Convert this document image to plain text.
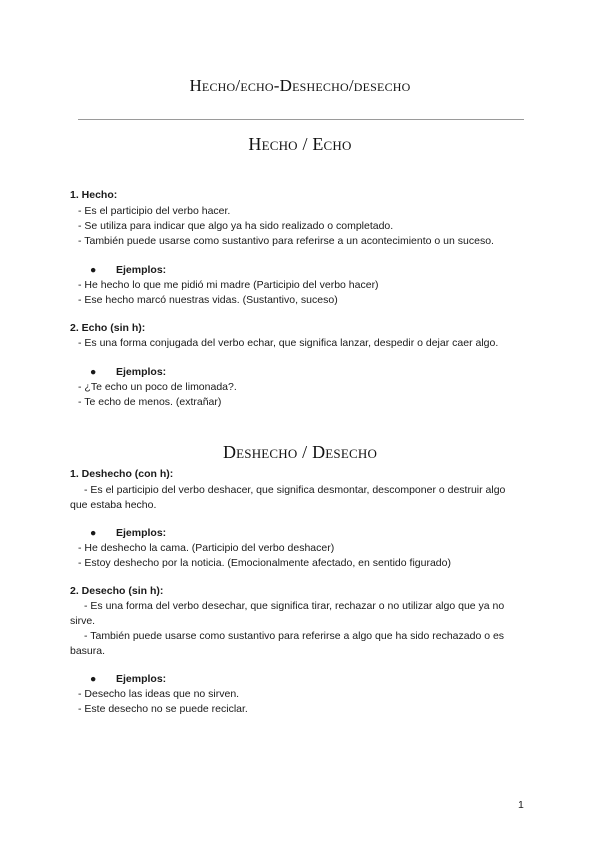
Hecho/echo-Deshecho/desecho
Hecho / Echo
1. Hecho:
- Es el participio del verbo hacer.
- Se utiliza para indicar que algo ya ha sido realizado o completado.
- También puede usarse como sustantivo para referirse a un acontecimiento o un suceso.
● Ejemplos:
- He hecho lo que me pidió mi madre (Participio del verbo hacer)
- Ese hecho marcó nuestras vidas. (Sustantivo, suceso)
2. Echo (sin h):
- Es una forma conjugada del verbo echar, que significa lanzar, despedir o dejar caer algo.
● Ejemplos:
- ¿Te echo un poco de limonada?.
- Te echo de menos. (extrañar)
Deshecho / Desecho
1. Deshecho (con h):
- Es el participio del verbo deshacer, que significa desmontar, descomponer o destruir algo
que estaba hecho.
● Ejemplos:
- He deshecho la cama. (Participio del verbo deshacer)
- Estoy deshecho por la noticia. (Emocionalmente afectado, en sentido figurado)
2. Desecho (sin h):
- Es una forma del verbo desechar, que significa tirar, rechazar o no utilizar algo que ya no
sirve.
- También puede usarse como sustantivo para referirse a algo que ha sido rechazado o es
basura.
● Ejemplos:
- Desecho las ideas que no sirven.
- Este desecho no se puede reciclar.
1
